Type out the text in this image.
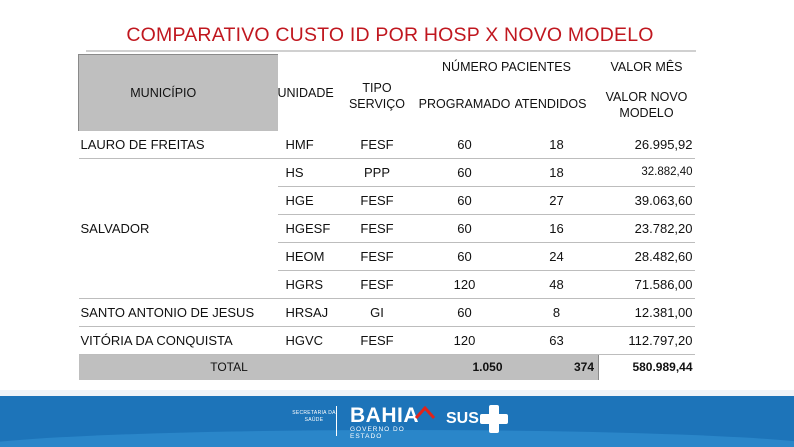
COMPARATIVO CUSTO ID POR HOSP X NOVO MODELO
MUNICÍPIO	UNIDADE	TIPO
SERVIÇO	NÚMERO PACIENTES		VALOR MÊS
			PROGRAMADO	ATENDIDOS	VALOR NOVO
MODELO

LAURO DE FREITAS	HMF	FESF	60	18	26.995,92
SALVADOR	HS	PPP	60	18	32.882,40
	HGE	FESF	60	27	39.063,60
	HGESF	FESF	60	16	23.782,20
	HEOM	FESF	60	24	28.482,60
	HGRS	FESF	120	48	71.586,00
SANTO ANTONIO DE JESUS	HRSAJ	GI	60	8	12.381,00
VITÓRIA DA CONQUISTA	HGVC	FESF	120	63	112.797,20
TOTAL			1.050	374	580.989,44
SECRETARIA DA
SAÚDE	BAHIA
GOVERNO DO ESTADO
SUS
